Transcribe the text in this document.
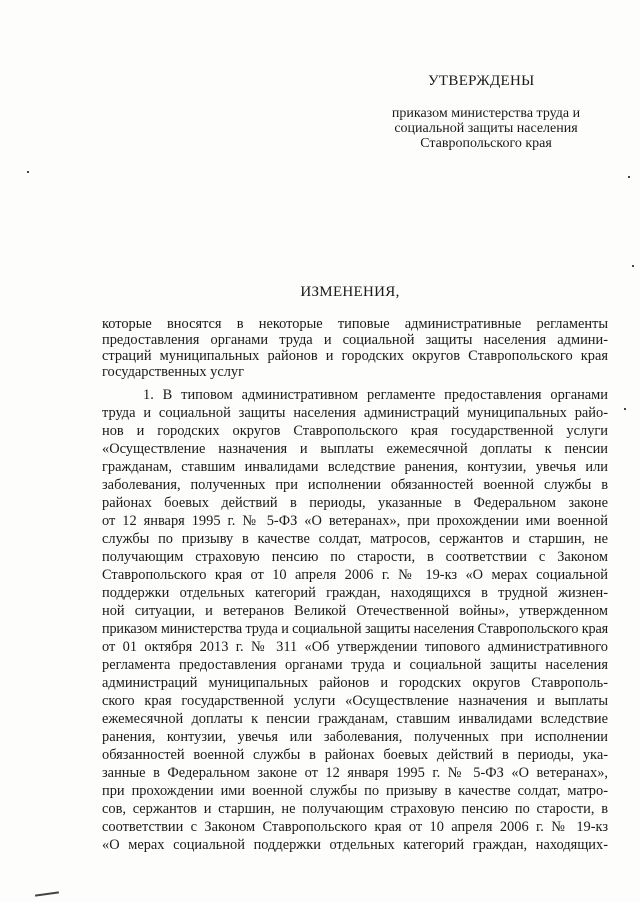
УТВЕРЖДЕНЫ
приказом министерства труда и
социальной защиты населения
Ставропольского края
ИЗМЕНЕНИЯ,
которые вносятся в некоторые типовые административные регламенты
предоставления органами труда и социальной защиты населения админи-
страций муниципальных районов и городских округов Ставропольского края
государственных услуг
1. В типовом административном регламенте предоставления органами
труда и социальной защиты населения администраций муниципальных райо-
нов и городских округов Ставропольского края государственной услуги
«Осуществление назначения и выплаты ежемесячной доплаты к пенсии
гражданам, ставшим инвалидами вследствие ранения, контузии, увечья или
заболевания, полученных при исполнении обязанностей военной службы в
районах боевых действий в периоды, указанные в Федеральном законе
от 12 января 1995 г. № 5-ФЗ «О ветеранах», при прохождении ими военной
службы по призыву в качестве солдат, матросов, сержантов и старшин, не
получающим страховую пенсию по старости, в соответствии с Законом
Ставропольского края от 10 апреля 2006 г. № 19-кз «О мерах социальной
поддержки отдельных категорий граждан, находящихся в трудной жизнен-
ной ситуации, и ветеранов Великой Отечественной войны», утвержденном
приказом министерства труда и социальной защиты населения Ставропольского края
от 01 октября 2013 г. № 311 «Об утверждении типового административного
регламента предоставления органами труда и социальной защиты населения
администраций муниципальных районов и городских округов Ставрополь-
ского края государственной услуги «Осуществление назначения и выплаты
ежемесячной доплаты к пенсии гражданам, ставшим инвалидами вследствие
ранения, контузии, увечья или заболевания, полученных при исполнении
обязанностей военной службы в районах боевых действий в периоды, ука-
занные в Федеральном законе от 12 января 1995 г. № 5-ФЗ «О ветеранах»,
при прохождении ими военной службы по призыву в качестве солдат, матро-
сов, сержантов и старшин, не получающим страховую пенсию по старости, в
соответствии с Законом Ставропольского края от 10 апреля 2006 г. № 19-кз
«О мерах социальной поддержки отдельных категорий граждан, находящих-
